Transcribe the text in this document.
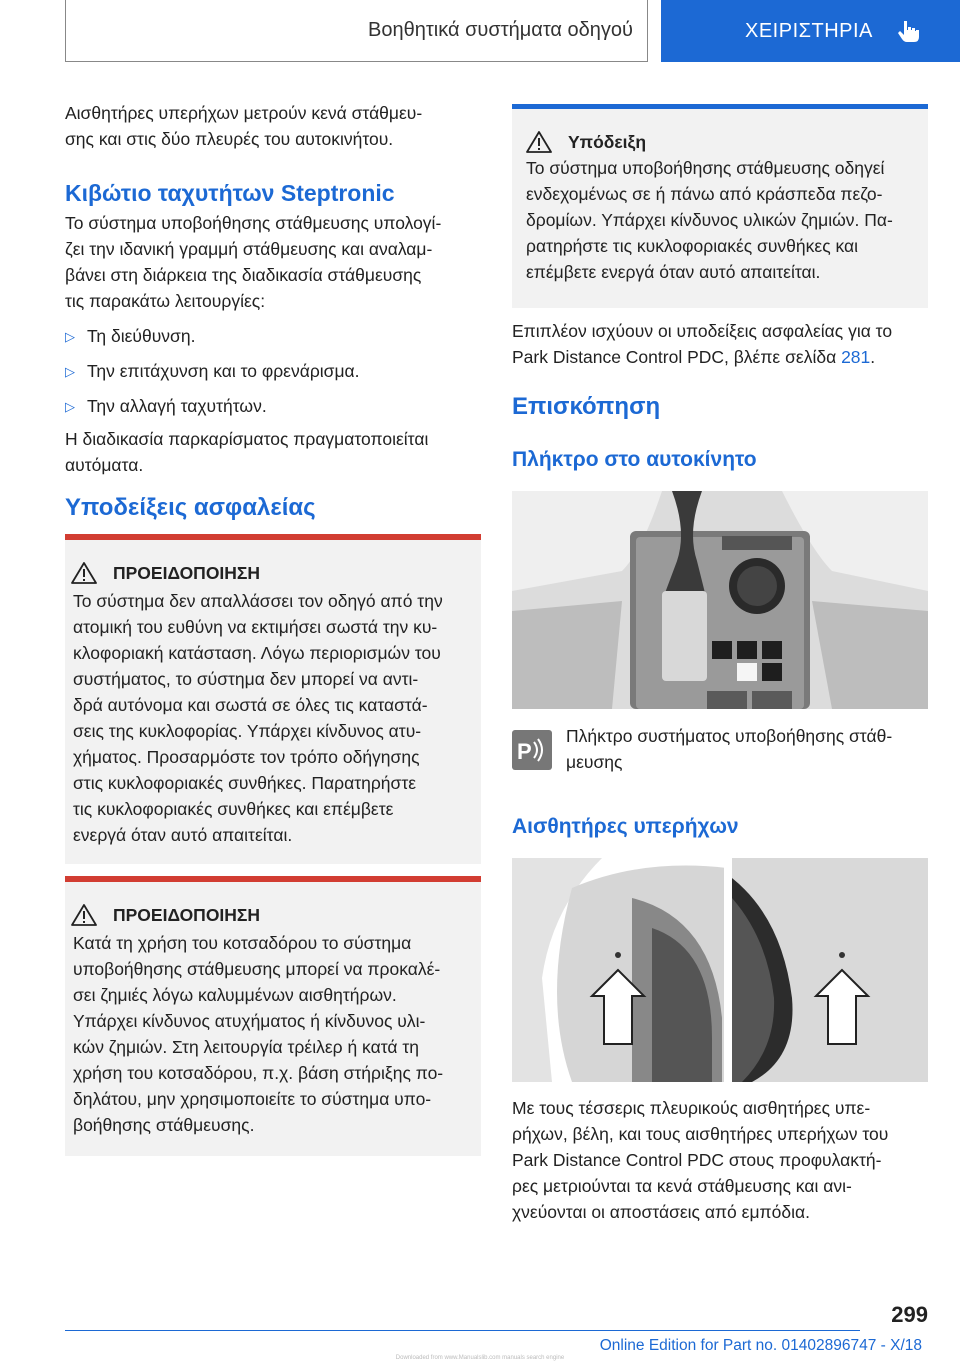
Βοηθητικά συστήματα οδηγού	ΧΕΙΡΙΣΤΗΡΙΑ

Αισθητήρες υπερήχων μετρούν κενά στάθμευ-

σης και στις δύο πλευρές του αυτοκινήτου.

Κιβώτιο ταχυτήτων Steptronic

Το σύστημα υποβοήθησης στάθμευσης υπολογί-

ζει την ιδανική γραμμή στάθμευσης και αναλαμ-

βάνει στη διάρκεια της διαδικασία στάθμευσης

τις παρακάτω λειτουργίες:

▷ Τη διεύθυνση.
▷ Την επιτάχυνση και το φρενάρισμα.
▷ Την αλλαγή ταχυτήτων.

Η διαδικασία παρκαρίσματος πραγματοποιείται

αυτόματα.

Υποδείξεις ασφαλείας
ΠΡΟΕΙΔΟΠΟΙΗΣΗ

Το σύστημα δεν απαλλάσσει τον οδηγό από την

ατομική του ευθύνη να εκτιμήσει σωστά την κυ-

κλοφοριακή κατάσταση. Λόγω περιορισμών του

συστήματος, το σύστημα δεν μπορεί να αντι-

δρά αυτόνομα και σωστά σε όλες τις καταστά-

σεις της κυκλοφορίας. Υπάρχει κίνδυνος ατυ-

χήματος. Προσαρμόστε τον τρόπο οδήγησης

στις κυκλοφοριακές συνθήκες. Παρατηρήστε

τις κυκλοφοριακές συνθήκες και επέμβετε

ενεργά όταν αυτό απαιτείται.

ΠΡΟΕΙΔΟΠΟΙΗΣΗ

Κατά τη χρήση του κοτσαδόρου το σύστημα

υποβοήθησης στάθμευσης μπορεί να προκαλέ-

σει ζημιές λόγω καλυμμένων αισθητήρων.

Υπάρχει κίνδυνος ατυχήματος ή κίνδυνος υλι-

κών ζημιών. Στη λειτουργία τρέιλερ ή κατά τη

χρήση του κοτσαδόρου, π.χ. βάση στήριξης πο-

δηλάτου, μην χρησιμοποιείτε το σύστημα υπο-

βοήθησης στάθμευσης.

Υπόδειξη

Το σύστημα υποβοήθησης στάθμευσης οδηγεί

ενδεχομένως σε ή πάνω από κράσπεδα πεζο-

δρομίων. Υπάρχει κίνδυνος υλικών ζημιών. Πα-

ρατηρήστε τις κυκλοφοριακές συνθήκες και

επέμβετε ενεργά όταν αυτό απαιτείται.

Επιπλέον ισχύουν οι υποδείξεις ασφαλείας για το

Park Distance Control PDC, βλέπε σελίδα 281.

Επισκόπηση
Πλήκτρο στο αυτοκίνητο
P

Πλήκτρο συστήματος υποβοήθησης στάθ-

μευσης

Αισθητήρες υπερήχων

Με τους τέσσερις πλευρικούς αισθητήρες υπε-

ρήχων, βέλη, και τους αισθητήρες υπερήχων του

Park Distance Control PDC στους προφυλακτή-

ρες μετριούνται τα κενά στάθμευσης και ανι-

χνεύονται οι αποστάσεις από εμπόδια.

299
Online Edition for Part no. 01402896747 - X/18
Downloaded from www.Manualslib.com manuals search engine
